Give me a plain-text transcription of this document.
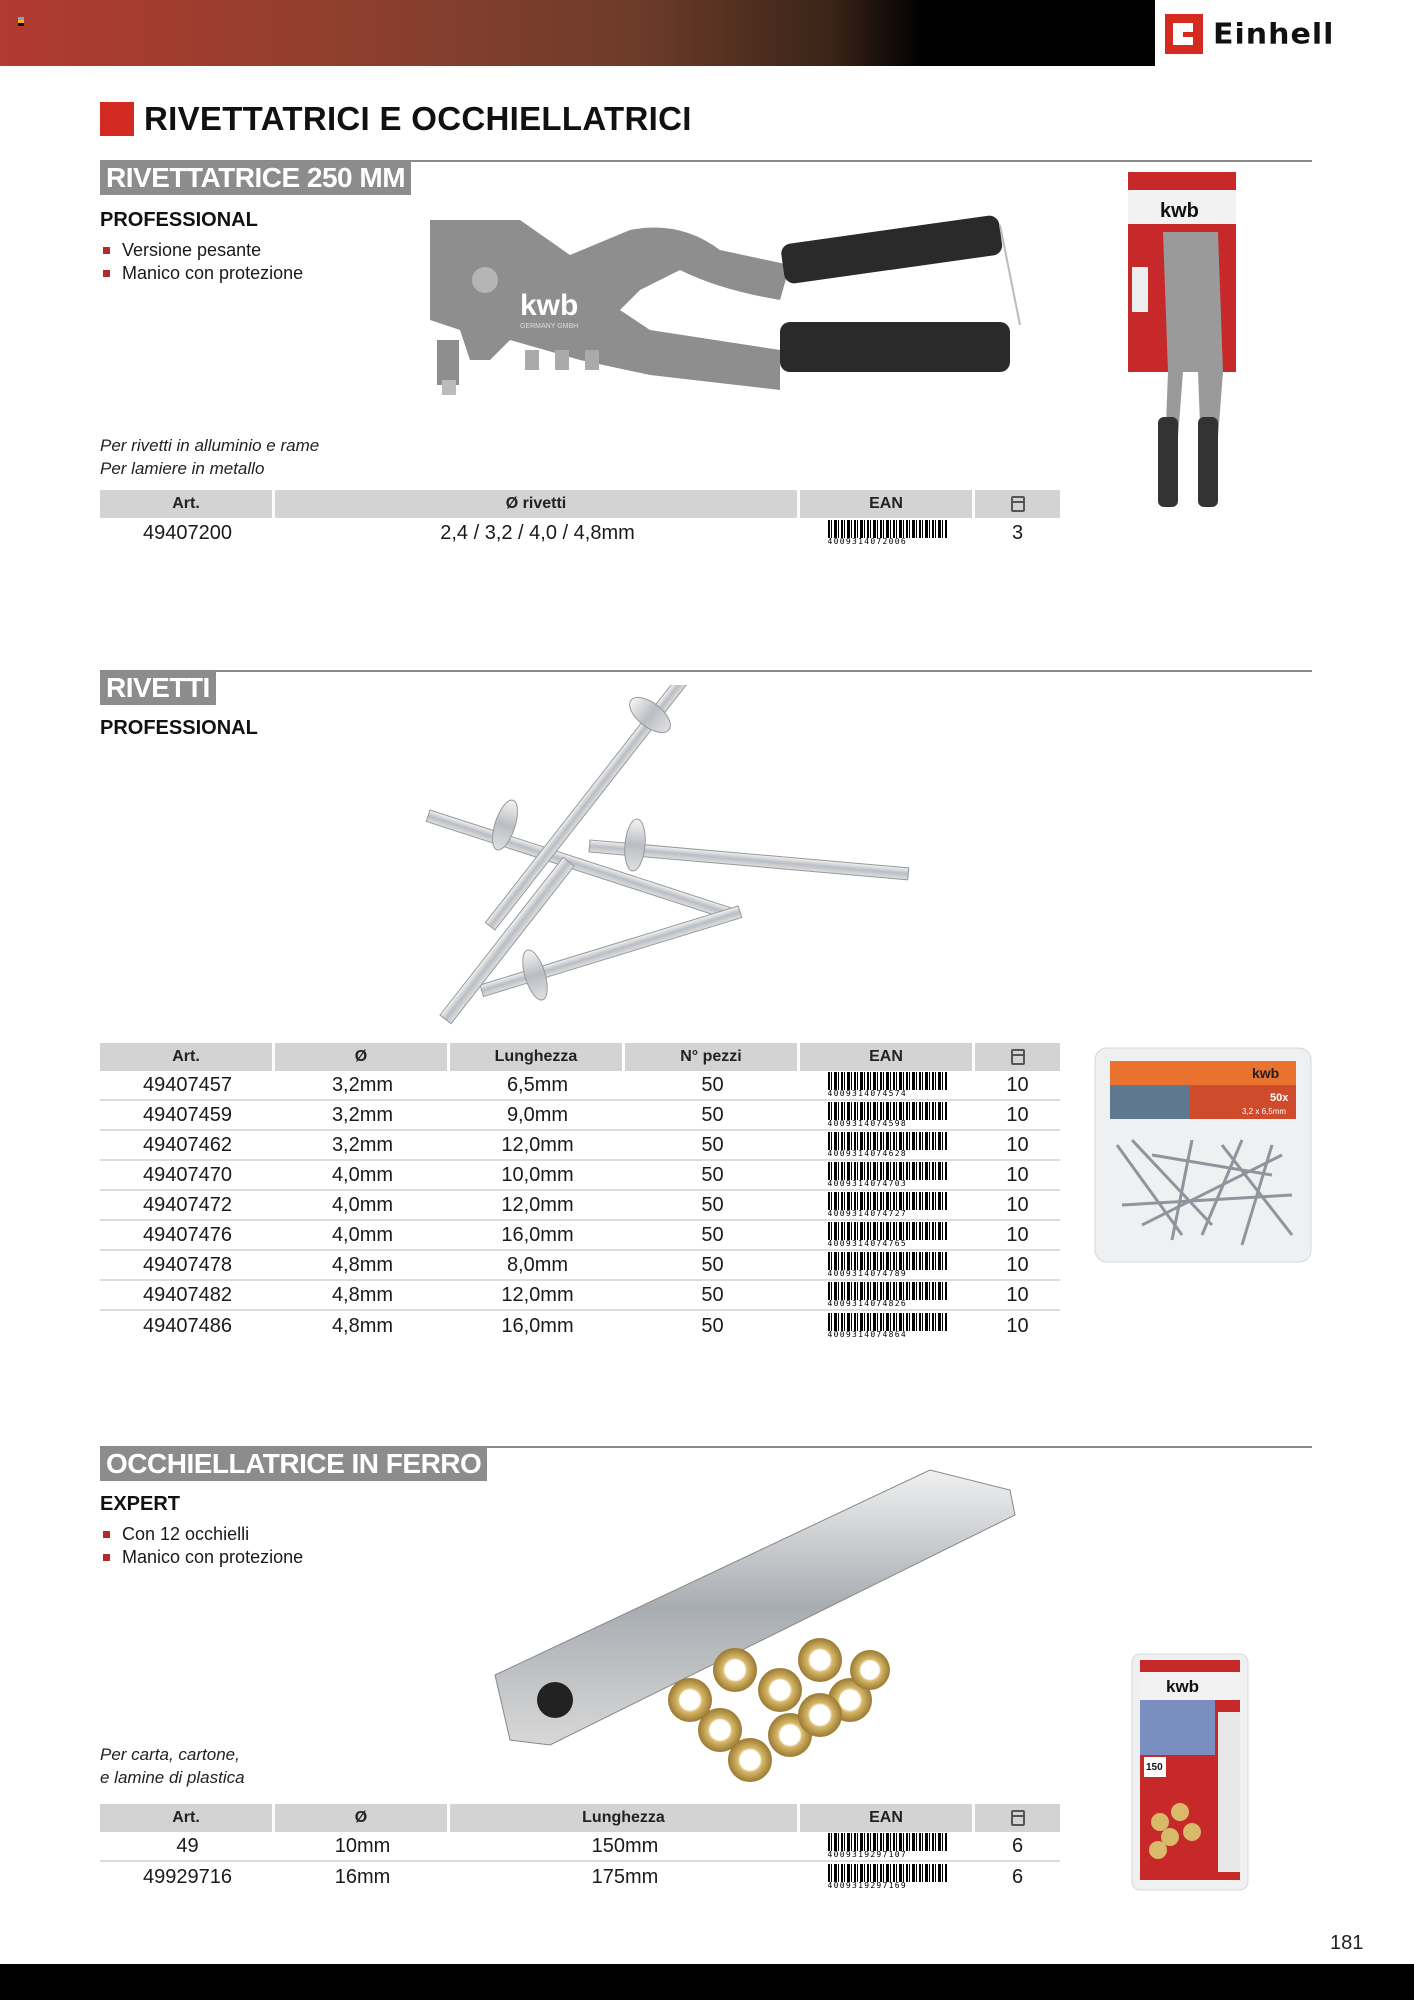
Einhell
RIVETTATRICI E OCCHIELLATRICI
RIVETTATRICE 250 MM
PROFESSIONAL
Versione pesante
Manico con protezione
Per rivetti in alluminio e rame
Per lamiere in metallo
kwb
GERMANY GMBH
kwb
Art.	Ø rivetti	EAN	
49407200	2,4 / 3,2 / 4,0 / 4,8mm	4009314072006	3
RIVETTI
PROFESSIONAL
kwb
50x
3,2 x 6,5mm
Art.	Ø	Lunghezza	N° pezzi	EAN	
49407457	3,2mm	6,5mm	50	4009314074574	10
49407459	3,2mm	9,0mm	50	4009314074598	10
49407462	3,2mm	12,0mm	50	4009314074628	10
49407470	4,0mm	10,0mm	50	4009314074703	10
49407472	4,0mm	12,0mm	50	4009314074727	10
49407476	4,0mm	16,0mm	50	4009314074765	10
49407478	4,8mm	8,0mm	50	4009314074789	10
49407482	4,8mm	12,0mm	50	4009314074826	10
49407486	4,8mm	16,0mm	50	4009314074864	10
OCCHIELLATRICE IN FERRO
EXPERT
Con 12 occhielli
Manico con protezione
Per carta, cartone,
e lamine di plastica
kwb
150
Art.	Ø	Lunghezza	EAN	
49	10mm	150mm	4009319297107	6
49929716	16mm	175mm	4009319297169	6
181
